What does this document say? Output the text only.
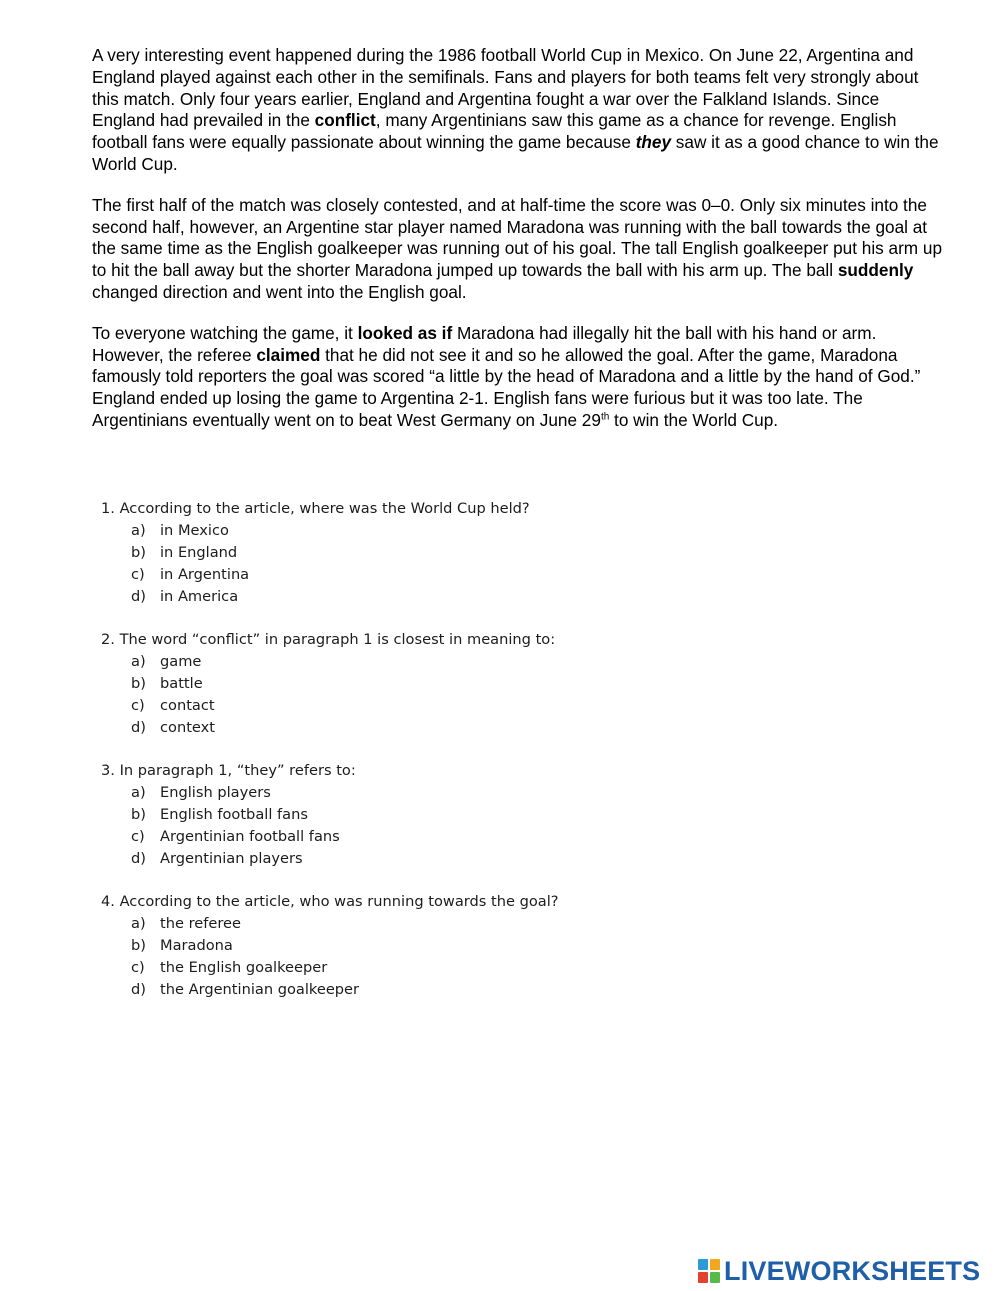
A very interesting event happened during the 1986 football World Cup in Mexico. On June 22, Argentina and England played against each other in the semifinals. Fans and players for both teams felt very strongly about this match. Only four years earlier, England and Argentina fought a war over the Falkland Islands. Since England had prevailed in the conflict, many Argentinians saw this game as a chance for revenge. English football fans were equally passionate about winning the game because they saw it as a good chance to win the World Cup.

The first half of the match was closely contested, and at half-time the score was 0–0. Only six minutes into the second half, however, an Argentine star player named Maradona was running with the ball towards the goal at the same time as the English goalkeeper was running out of his goal. The tall English goalkeeper put his arm up to hit the ball away but the shorter Maradona jumped up towards the ball with his arm up. The ball suddenly changed direction and went into the English goal.

To everyone watching the game, it looked as if Maradona had illegally hit the ball with his hand or arm. However, the referee claimed that he did not see it and so he allowed the goal. After the game, Maradona famously told reporters the goal was scored “a little by the head of Maradona and a little by the hand of God.” England ended up losing the game to Argentina 2-1. English fans were furious but it was too late. The Argentinians eventually went on to beat West Germany on June 29th to win the World Cup.

1. According to the article, where was the World Cup held?
a) in Mexico
b) in England
c) in Argentina
d) in America
2. The word “conflict” in paragraph 1 is closest in meaning to:
a) game
b) battle
c) contact
d) context
3. In paragraph 1, “they” refers to:
a) English players
b) English football fans
c) Argentinian football fans
d) Argentinian players
4. According to the article, who was running towards the goal?
a) the referee
b) Maradona
c) the English goalkeeper
d) the Argentinian goalkeeper
LIVEWORKSHEETS
